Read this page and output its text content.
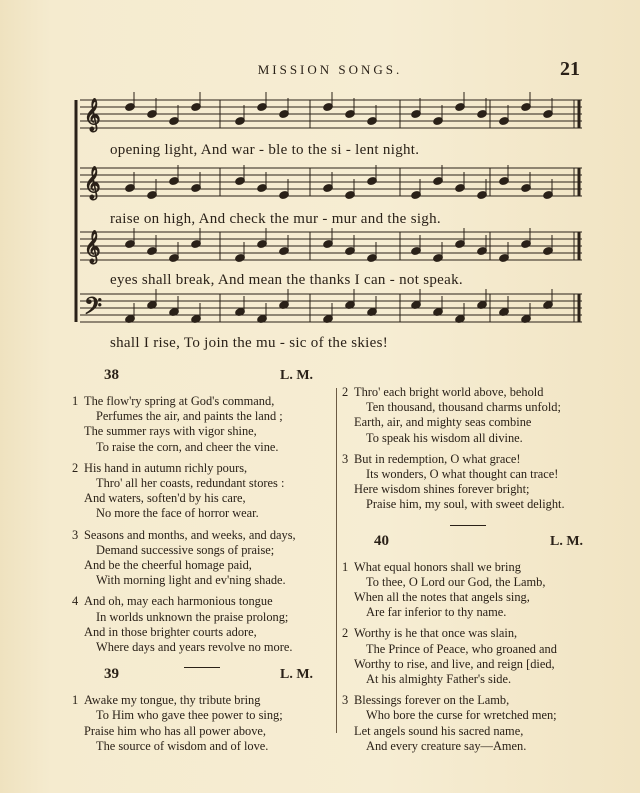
MISSION SONGS.	21
𝄞
𝄞
𝄞
𝄢
opening light, And war - ble to the si - lent night.
raise on high, And check the mur - mur and the sigh.
eyes shall break, And mean the thanks I can - not speak.
shall I rise, To join the mu - sic of the skies!
38	L. M.
1 The flow'ry spring at God's command,
Perfumes the air, and paints the land ;
The summer rays with vigor shine,
To raise the corn, and cheer the vine.
2 His hand in autumn richly pours,
Thro' all her coasts, redundant stores :
And waters, soften'd by his care,
No more the face of horror wear.
3 Seasons and months, and weeks, and days,
Demand successive songs of praise;
And be the cheerful homage paid,
With morning light and ev'ning shade.
4 And oh, may each harmonious tongue
In worlds unknown the praise prolong;
And in those brighter courts adore,
Where days and years revolve no more.
39	L. M.
1 Awake my tongue, thy tribute bring
To Him who gave thee power to sing;
Praise him who has all power above,
The source of wisdom and of love.
2 Thro' each bright world above, behold
Ten thousand, thousand charms unfold;
Earth, air, and mighty seas combine
To speak his wisdom all divine.
3 But in redemption, O what grace!
Its wonders, O what thought can trace!
Here wisdom shines forever bright;
Praise him, my soul, with sweet delight.
40	L. M.
1 What equal honors shall we bring
To thee, O Lord our God, the Lamb,
When all the notes that angels sing,
Are far inferior to thy name.
2 Worthy is he that once was slain,
The Prince of Peace, who groaned and
Worthy to rise, and live, and reign [died,
At his almighty Father's side.
3 Blessings forever on the Lamb,
Who bore the curse for wretched men;
Let angels sound his sacred name,
And every creature say—Amen.
